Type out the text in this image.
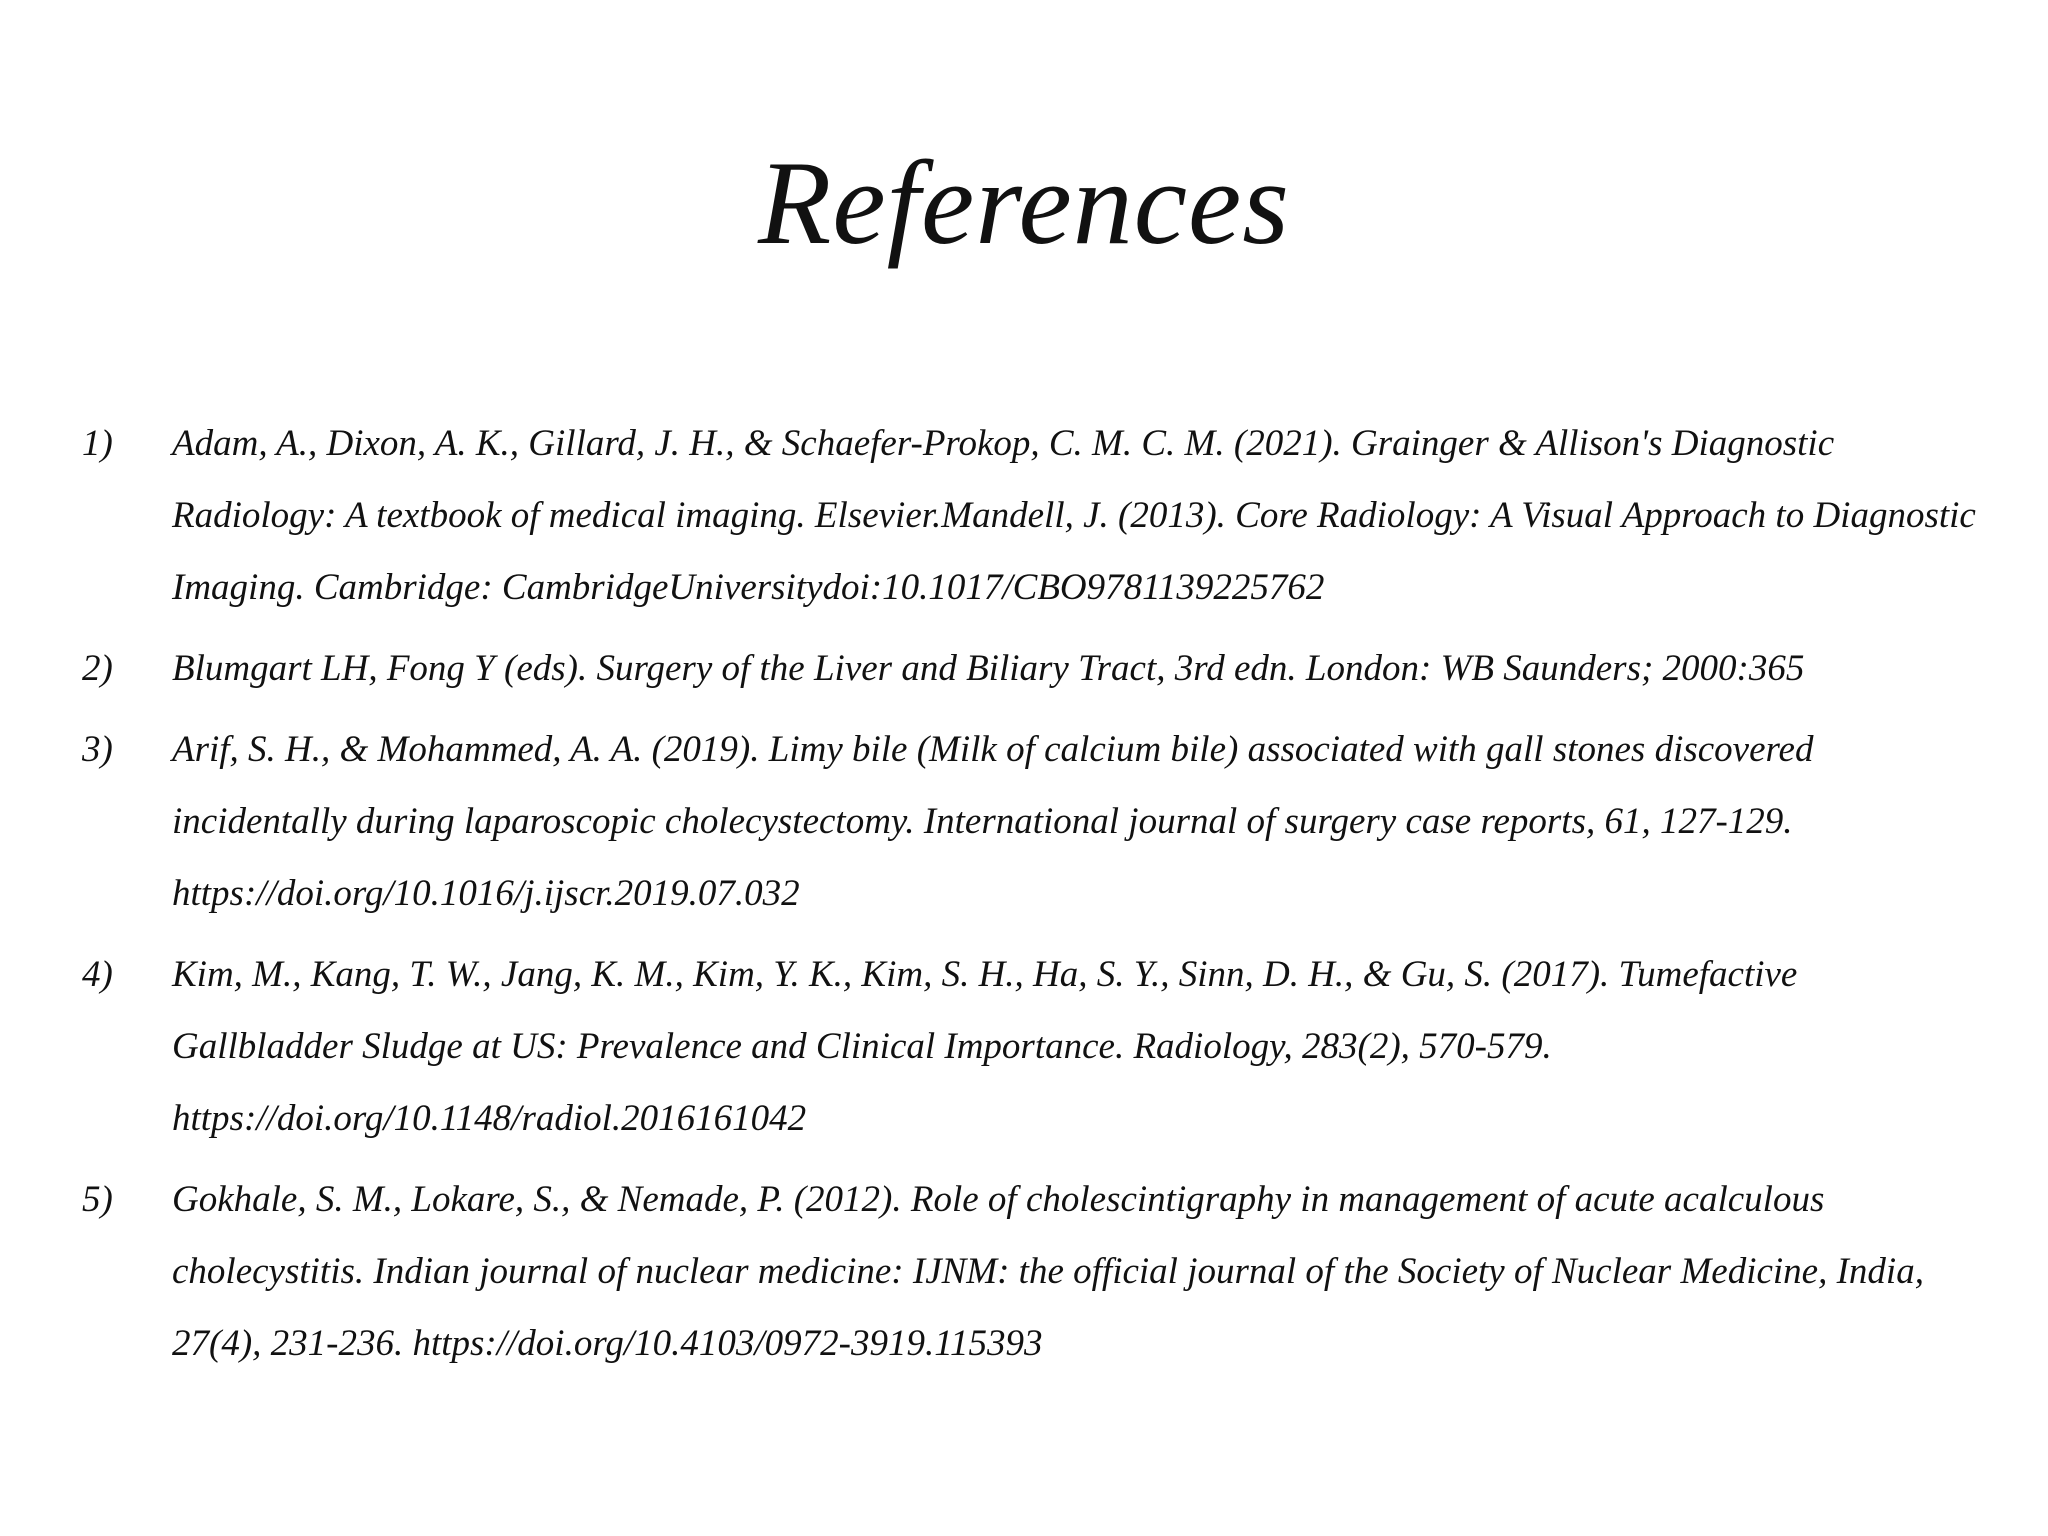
References
1)	Adam, A., Dixon, A. K., Gillard, J. H., & Schaefer-Prokop, C. M. C. M. (2021). Grainger & Allison's Diagnostic Radiology: A textbook of medical imaging. Elsevier.Mandell, J. (2013). Core Radiology: A Visual Approach to Diagnostic Imaging. Cambridge: CambridgeUniversitydoi:10.1017/CBO9781139225762
2)	Blumgart LH, Fong Y (eds). Surgery of the Liver and Biliary Tract, 3rd edn. London: WB Saunders; 2000:365
3)	Arif, S. H., & Mohammed, A. A. (2019). Limy bile (Milk of calcium bile) associated with gall stones discovered incidentally during laparoscopic cholecystectomy. International journal of surgery case reports, 61, 127-129. https://doi.org/10.1016/j.ijscr.2019.07.032
4)	Kim, M., Kang, T. W., Jang, K. M., Kim, Y. K., Kim, S. H., Ha, S. Y., Sinn, D. H., & Gu, S. (2017). Tumefactive Gallbladder Sludge at US: Prevalence and Clinical Importance. Radiology, 283(2), 570-579. https://doi.org/10.1148/radiol.2016161042
5)	Gokhale, S. M., Lokare, S., & Nemade, P. (2012). Role of cholescintigraphy in management of acute acalculous cholecystitis. Indian journal of nuclear medicine: IJNM: the official journal of the Society of Nuclear Medicine, India, 27(4), 231-236. https://doi.org/10.4103/0972-3919.115393
